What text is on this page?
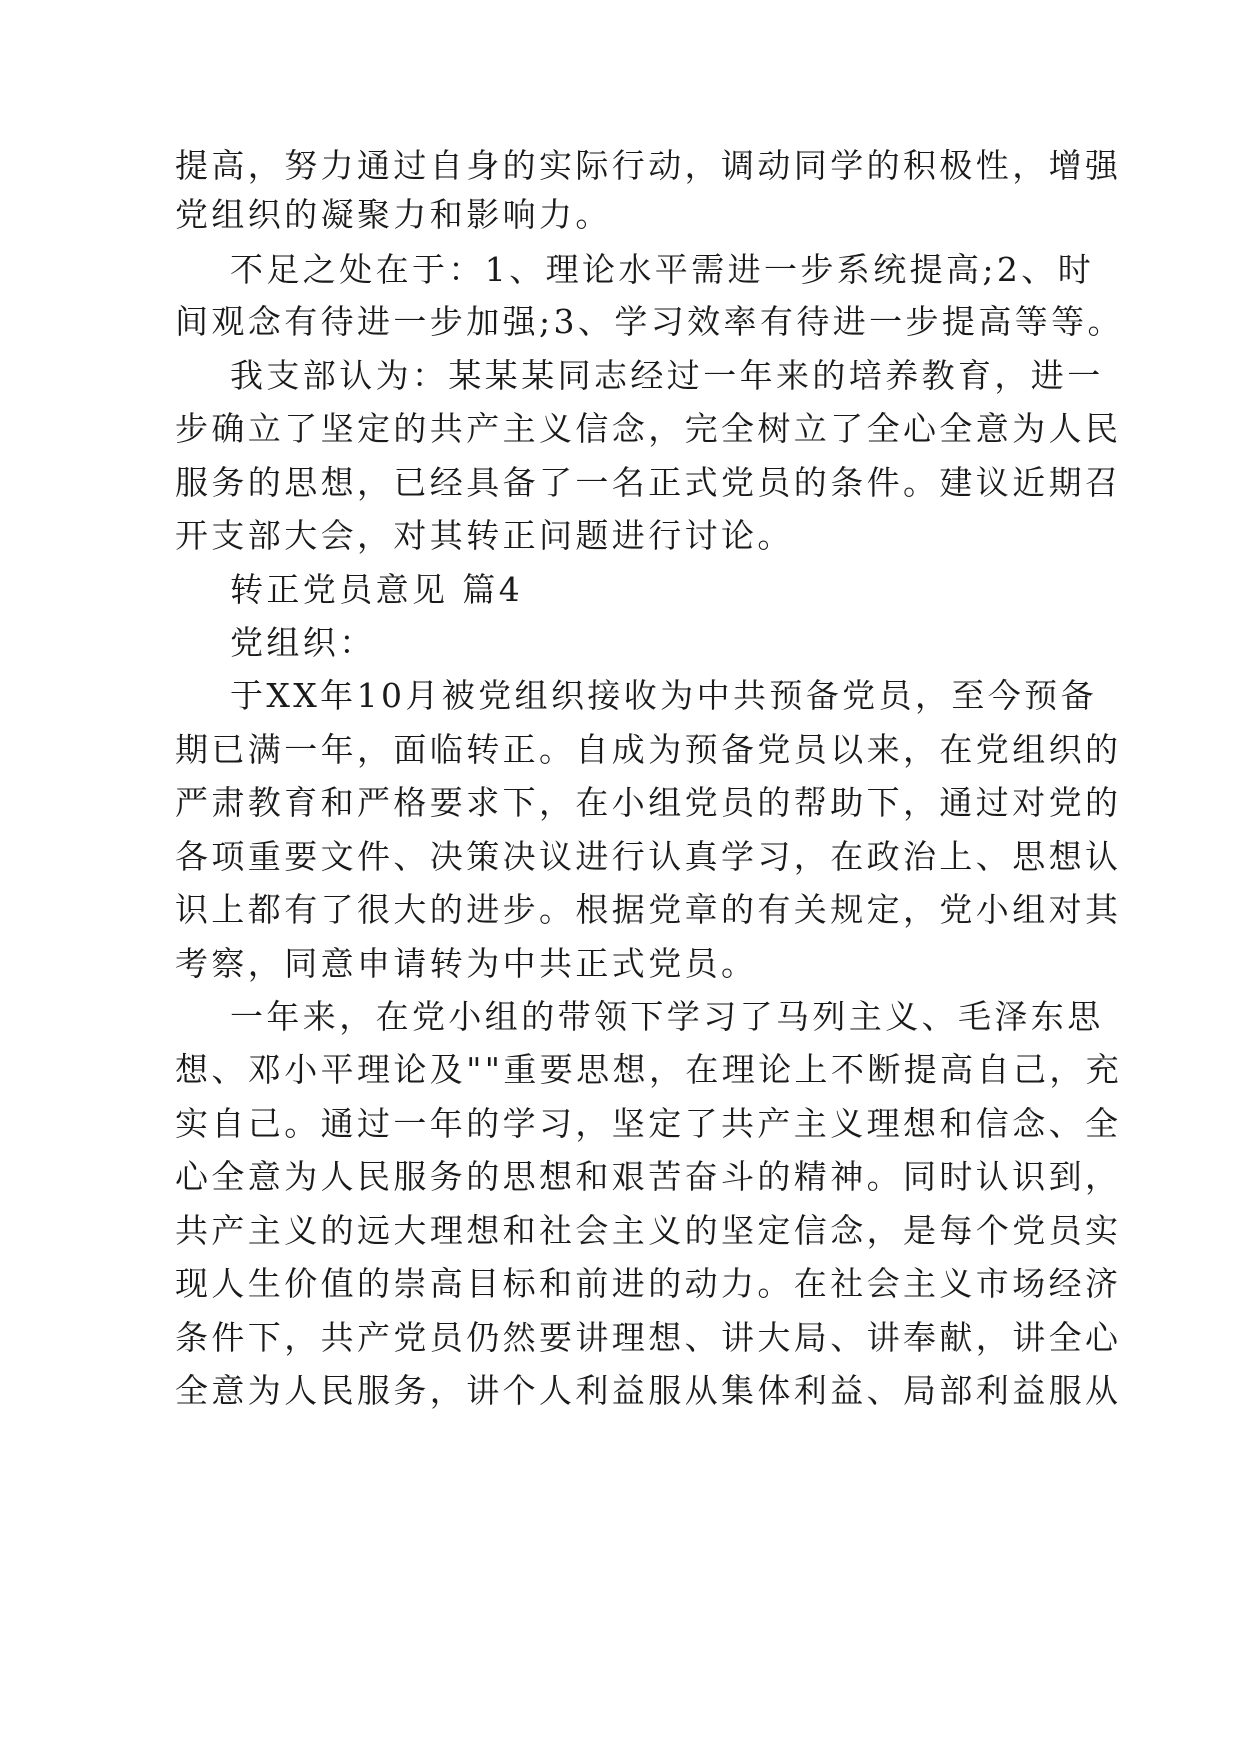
提高，努力通过自身的实际行动，调动同学的积极性，增强
党组织的凝聚力和影响力。
不足之处在于：1、理论水平需进一步系统提高;2、时
间观念有待进一步加强;3、学习效率有待进一步提高等等。
我支部认为：某某某同志经过一年来的培养教育，进一
步确立了坚定的共产主义信念，完全树立了全心全意为人民
服务的思想，已经具备了一名正式党员的条件。建议近期召
开支部大会，对其转正问题进行讨论。
转正党员意见 篇4
党组织：
于XX年10月被党组织接收为中共预备党员，至今预备
期已满一年，面临转正。自成为预备党员以来，在党组织的
严肃教育和严格要求下，在小组党员的帮助下，通过对党的
各项重要文件、决策决议进行认真学习，在政治上、思想认
识上都有了很大的进步。根据党章的有关规定，党小组对其
考察，同意申请转为中共正式党员。
一年来，在党小组的带领下学习了马列主义、毛泽东思
想、邓小平理论及""重要思想，在理论上不断提高自己，充
实自己。通过一年的学习，坚定了共产主义理想和信念、全
心全意为人民服务的思想和艰苦奋斗的精神。同时认识到，
共产主义的远大理想和社会主义的坚定信念，是每个党员实
现人生价值的崇高目标和前进的动力。在社会主义市场经济
条件下，共产党员仍然要讲理想、讲大局、讲奉献，讲全心
全意为人民服务，讲个人利益服从集体利益、局部利益服从
